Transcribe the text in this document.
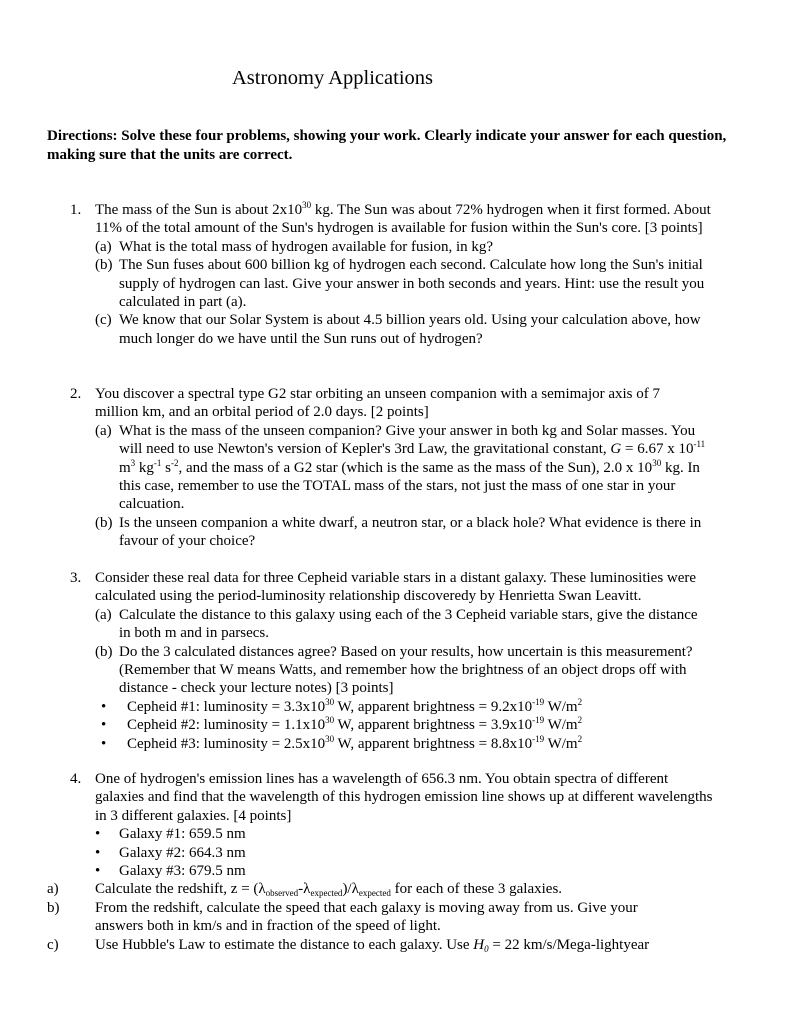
Astronomy Applications
Directions: Solve these four problems, showing your work. Clearly indicate your answer for each question, making sure that the units are correct.
1. The mass of the Sun is about $2x10^{30}$ kg. The Sun was about 72% hydrogen when it first formed. About 11% of the total amount of the Sun's hydrogen is available for fusion within the Sun's core. [3 points]
(a) What is the total mass of hydrogen available for fusion, in kg?
(b) The Sun fuses about 600 billion kg of hydrogen each second. Calculate how long the Sun's initial supply of hydrogen can last. Give your answer in both seconds and years. Hint: use the result you calculated in part (a).
(c) We know that our Solar System is about 4.5 billion years old. Using your calculation above, how much longer do we have until the Sun runs out of hydrogen?
2. You discover a spectral type G2 star orbiting an unseen companion with a semimajor axis of 7 million km, and an orbital period of 2.0 days. [2 points]
(a) What is the mass of the unseen companion? Give your answer in both kg and Solar masses. You will need to use Newton's version of Kepler's 3rd Law, the gravitational constant, G = 6.67 x $10^{-11}$ $m^3$ $kg^{-1}$ $s^{-2}$, and the mass of a G2 star (which is the same as the mass of the Sun), 2.0 x $10^{30}$ kg. In this case, remember to use the TOTAL mass of the stars, not just the mass of one star in your calcuation.
(b) Is the unseen companion a white dwarf, a neutron star, or a black hole? What evidence is there in favour of your choice?
3. Consider these real data for three Cepheid variable stars in a distant galaxy. These luminosities were calculated using the period-luminosity relationship discoveredy by Henrietta Swan Leavitt.
(a) Calculate the distance to this galaxy using each of the 3 Cepheid variable stars, give the distance in both m and in parsecs.
(b) Do the 3 calculated distances agree? Based on your results, how uncertain is this measurement? (Remember that W means Watts, and remember how the brightness of an object drops off with distance - check your lecture notes) [3 points]
• Cepheid #1: luminosity = $3.3x10^{30}$ W, apparent brightness = $9.2x10^{-19}$ $W/m^2$
• Cepheid #2: luminosity = $1.1x10^{30}$ W, apparent brightness = $3.9x10^{-19}$ $W/m^2$
• Cepheid #3: luminosity = $2.5x10^{30}$ W, apparent brightness = $8.8x10^{-19}$ $W/m^2$
4. One of hydrogen's emission lines has a wavelength of 656.3 nm. You obtain spectra of different galaxies and find that the wavelength of this hydrogen emission line shows up at different wavelengths in 3 different galaxies. [4 points]
• Galaxy #1: 659.5 nm
• Galaxy #2: 664.3 nm
• Galaxy #3: 679.5 nm
a) Calculate the redshift, $z = (\lambda_{observed}-\lambda_{expected})/\lambda_{expected}$ for each of these 3 galaxies.
b) From the redshift, calculate the speed that each galaxy is moving away from us. Give your answers both in km/s and in fraction of the speed of light.
c) Use Hubble's Law to estimate the distance to each galaxy. Use $H_0 = 22$ km/s/Mega-lightyear
